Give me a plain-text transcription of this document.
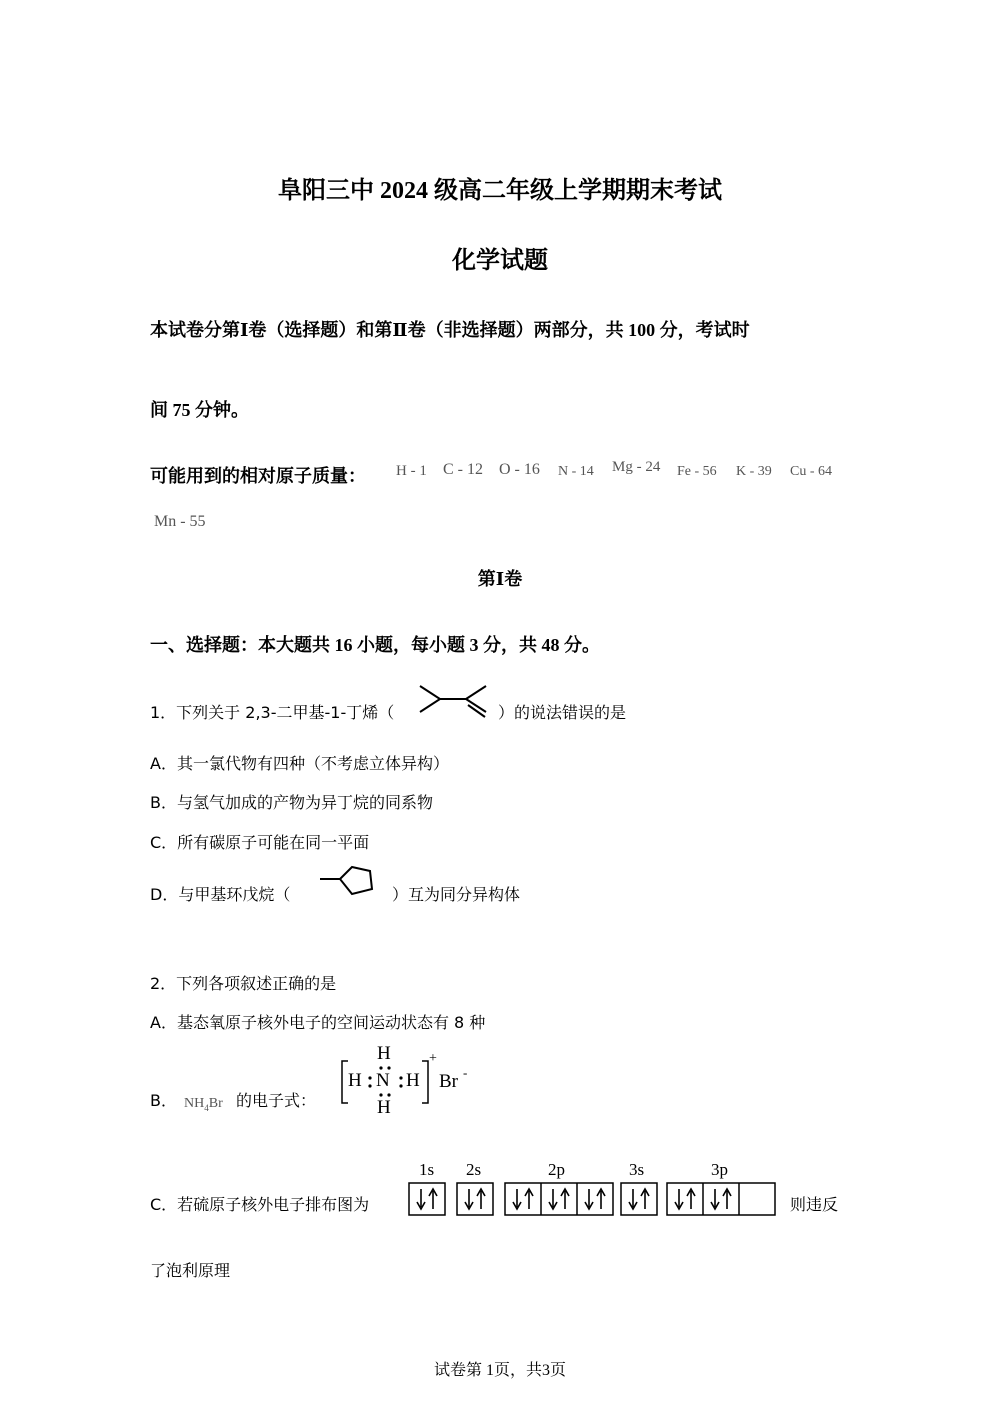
阜阳三中 2024 级高二年级上学期期末考试
化学试题
本试卷分第Ⅰ卷（选择题）和第Ⅱ卷（非选择题）两部分，共 100 分，考试时
间 75 分钟。
可能用到的相对原子质量： H - 1 C - 12 O - 16 N - 14 Mg - 24 Fe - 56 K - 39 Cu - 64
Mn - 55
第Ⅰ卷
一、选择题：本大题共 16 小题，每小题 3 分，共 48 分。
1．下列关于 2,3-二甲基-1-丁烯（	）的说法错误的是
A．其一氯代物有四种（不考虑立体异构）
B．与氢气加成的产物为异丁烷的同系物
C．所有碳原子可能在同一平面
D．与甲基环戊烷（	）互为同分异构体
2．下列各项叙述正确的是
A．基态氧原子核外电子的空间运动状态有 8 种
B． $NH_4Br$ 的电子式：
H
H N H
H
+
Br -
C．若硫原子核外电子排布图为
1s 2s	2p	3s	3p
则违反
了泡利原理
试卷第 1页，共3页
